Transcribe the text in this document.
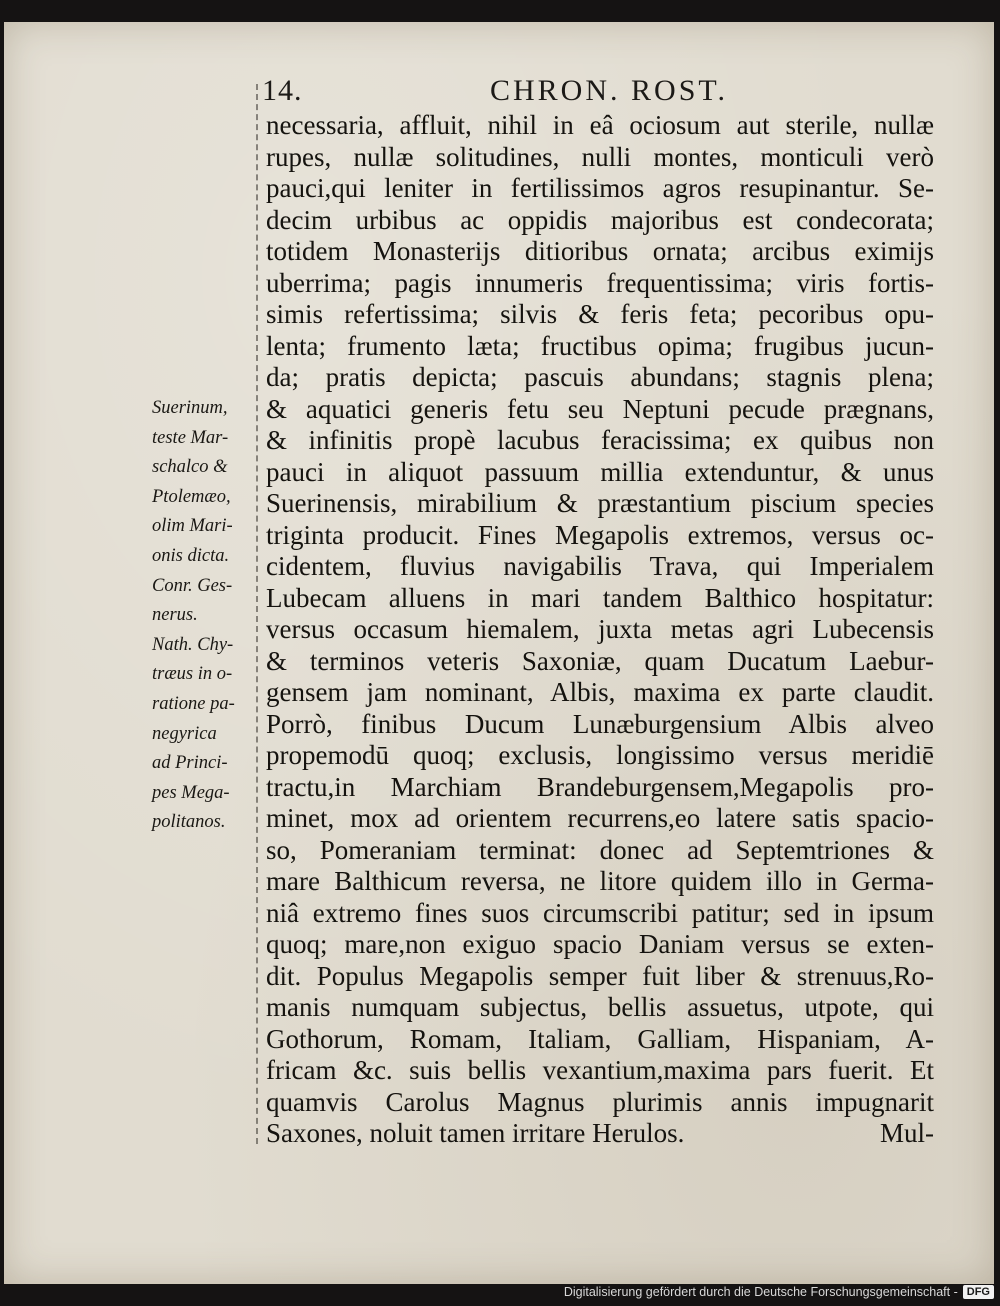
14.	CHRON. ROST.
Suerinum,
teste Mar-
schalco &
Ptolemæo,
olim Mari-
onis dicta.
Conr. Ges-
nerus.
Nath. Chy-
træus in o-
ratione pa-
negyrica
ad Princi-
pes Mega-
politanos.
necessaria, affluit, nihil in eâ ociosum aut sterile, nullæ
rupes, nullæ solitudines, nulli montes, monticuli verò
pauci,qui leniter in fertilissimos agros resupinantur. Se-
decim urbibus ac oppidis majoribus est condecorata;
totidem Monasterijs ditioribus ornata; arcibus eximijs
uberrima; pagis innumeris frequentissima; viris fortis-
simis refertissima; silvis & feris feta; pecoribus opu-
lenta; frumento læta; fructibus opima; frugibus jucun-
da; pratis depicta; pascuis abundans; stagnis plena;
& aquatici generis fetu seu Neptuni pecude prægnans,
& infinitis propè lacubus feracissima; ex quibus non
pauci in aliquot passuum millia extenduntur, & unus
Suerinensis, mirabilium & præstantium piscium species
triginta producit. Fines Megapolis extremos, versus oc-
cidentem, fluvius navigabilis Trava, qui Imperialem
Lubecam alluens in mari tandem Balthico hospitatur:
versus occasum hiemalem, juxta metas agri Lubecensis
& terminos veteris Saxoniæ, quam Ducatum Laebur-
gensem jam nominant, Albis, maxima ex parte claudit.
Porrò, finibus Ducum Lunæburgensium Albis alveo
propemodū quoq; exclusis, longissimo versus meridiē
tractu,in Marchiam Brandeburgensem,Megapolis pro-
minet, mox ad orientem recurrens,eo latere satis spacio-
so, Pomeraniam terminat: donec ad Septemtriones &
mare Balthicum reversa, ne litore quidem illo in Germa-
niâ extremo fines suos circumscribi patitur; sed in ipsum
quoq; mare,non exiguo spacio Daniam versus se exten-
dit. Populus Megapolis semper fuit liber & strenuus,Ro-
manis numquam subjectus, bellis assuetus, utpote, qui
Gothorum, Romam, Italiam, Galliam, Hispaniam, A-
fricam &c. suis bellis vexantium,maxima pars fuerit. Et
quamvis Carolus Magnus plurimis annis impugnarit
Saxones, noluit tamen irritare Herulos.	Mul-
Digitalisierung gefördert durch die Deutsche Forschungsgemeinschaft - DFG
